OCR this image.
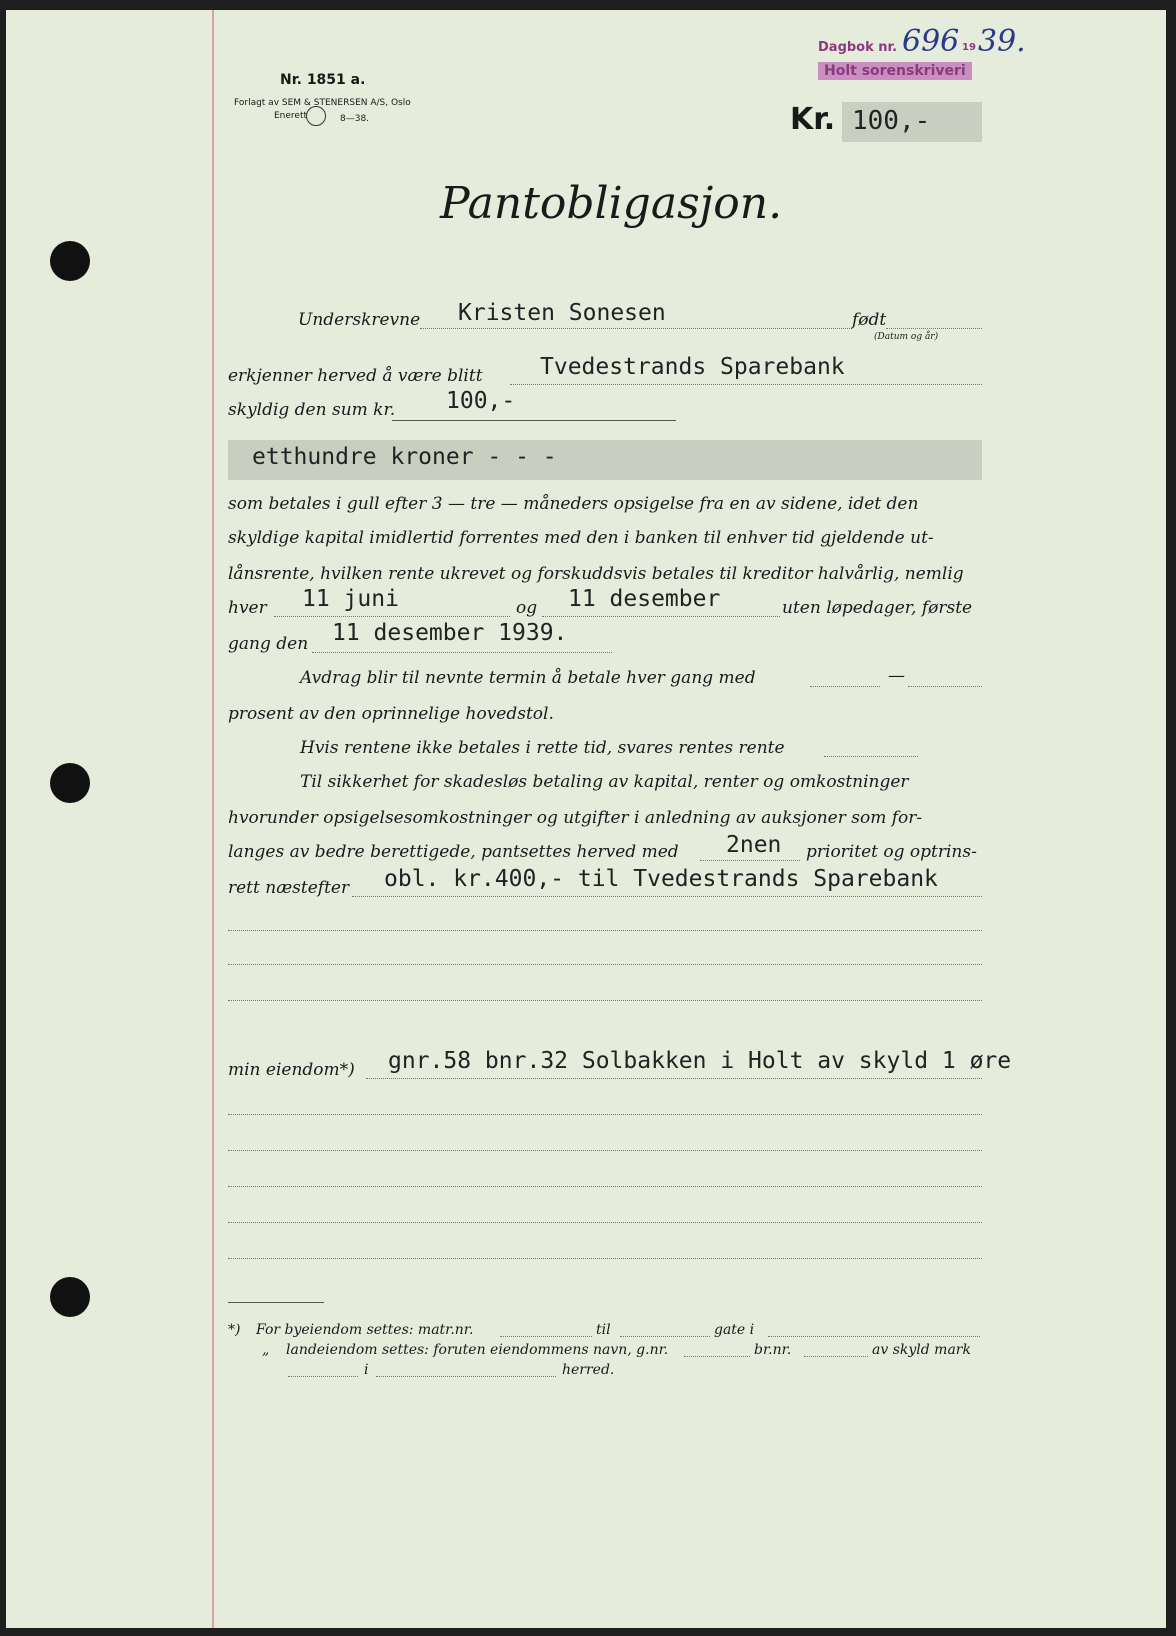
Nr. 1851 a.
Forlagt av SEM & STENERSEN A/S, Oslo
Enerett	8—38.
Dagbok nr. 696 19 39.
Holt sorenskriveri
Kr. 100,-
Pantobligasjon.
Underskrevne Kristen Sonesen	født
(Datum og år)
erkjenner herved å være blitt Tvedestrands Sparebank
skyldig den sum kr. 100,-
etthundre kroner - - -
som betales i gull efter 3 — tre — måneders opsigelse fra en av sidene, idet den
skyldige kapital imidlertid forrentes med den i banken til enhver tid gjeldende ut-
lånsrente, hvilken rente ukrevet og forskuddsvis betales til kreditor halvårlig, nemlig
hver 11 juni	og 11 desember	uten løpedager, første
gang den 11 desember 1939.
Avdrag blir til nevnte termin å betale hver gang med	—
prosent av den oprinnelige hovedstol.
Hvis rentene ikke betales i rette tid, svares rentes rente
Til sikkerhet for skadesløs betaling av kapital, renter og omkostninger
hvorunder opsigelsesomkostninger og utgifter i anledning av auksjoner som for-
langes av bedre berettigede, pantsettes herved med 2nen prioritet og optrins-
rett næstefter obl. kr.400,- til Tvedestrands Sparebank
min eiendom*) gnr.58 bnr.32 Solbakken i Holt av skyld 1 øre
*) For byeiendom settes: matr.nr.	til	gate i
„ landeiendom settes: foruten eiendommens navn, g.nr.	br.nr.	av skyld mark
i	herred.
